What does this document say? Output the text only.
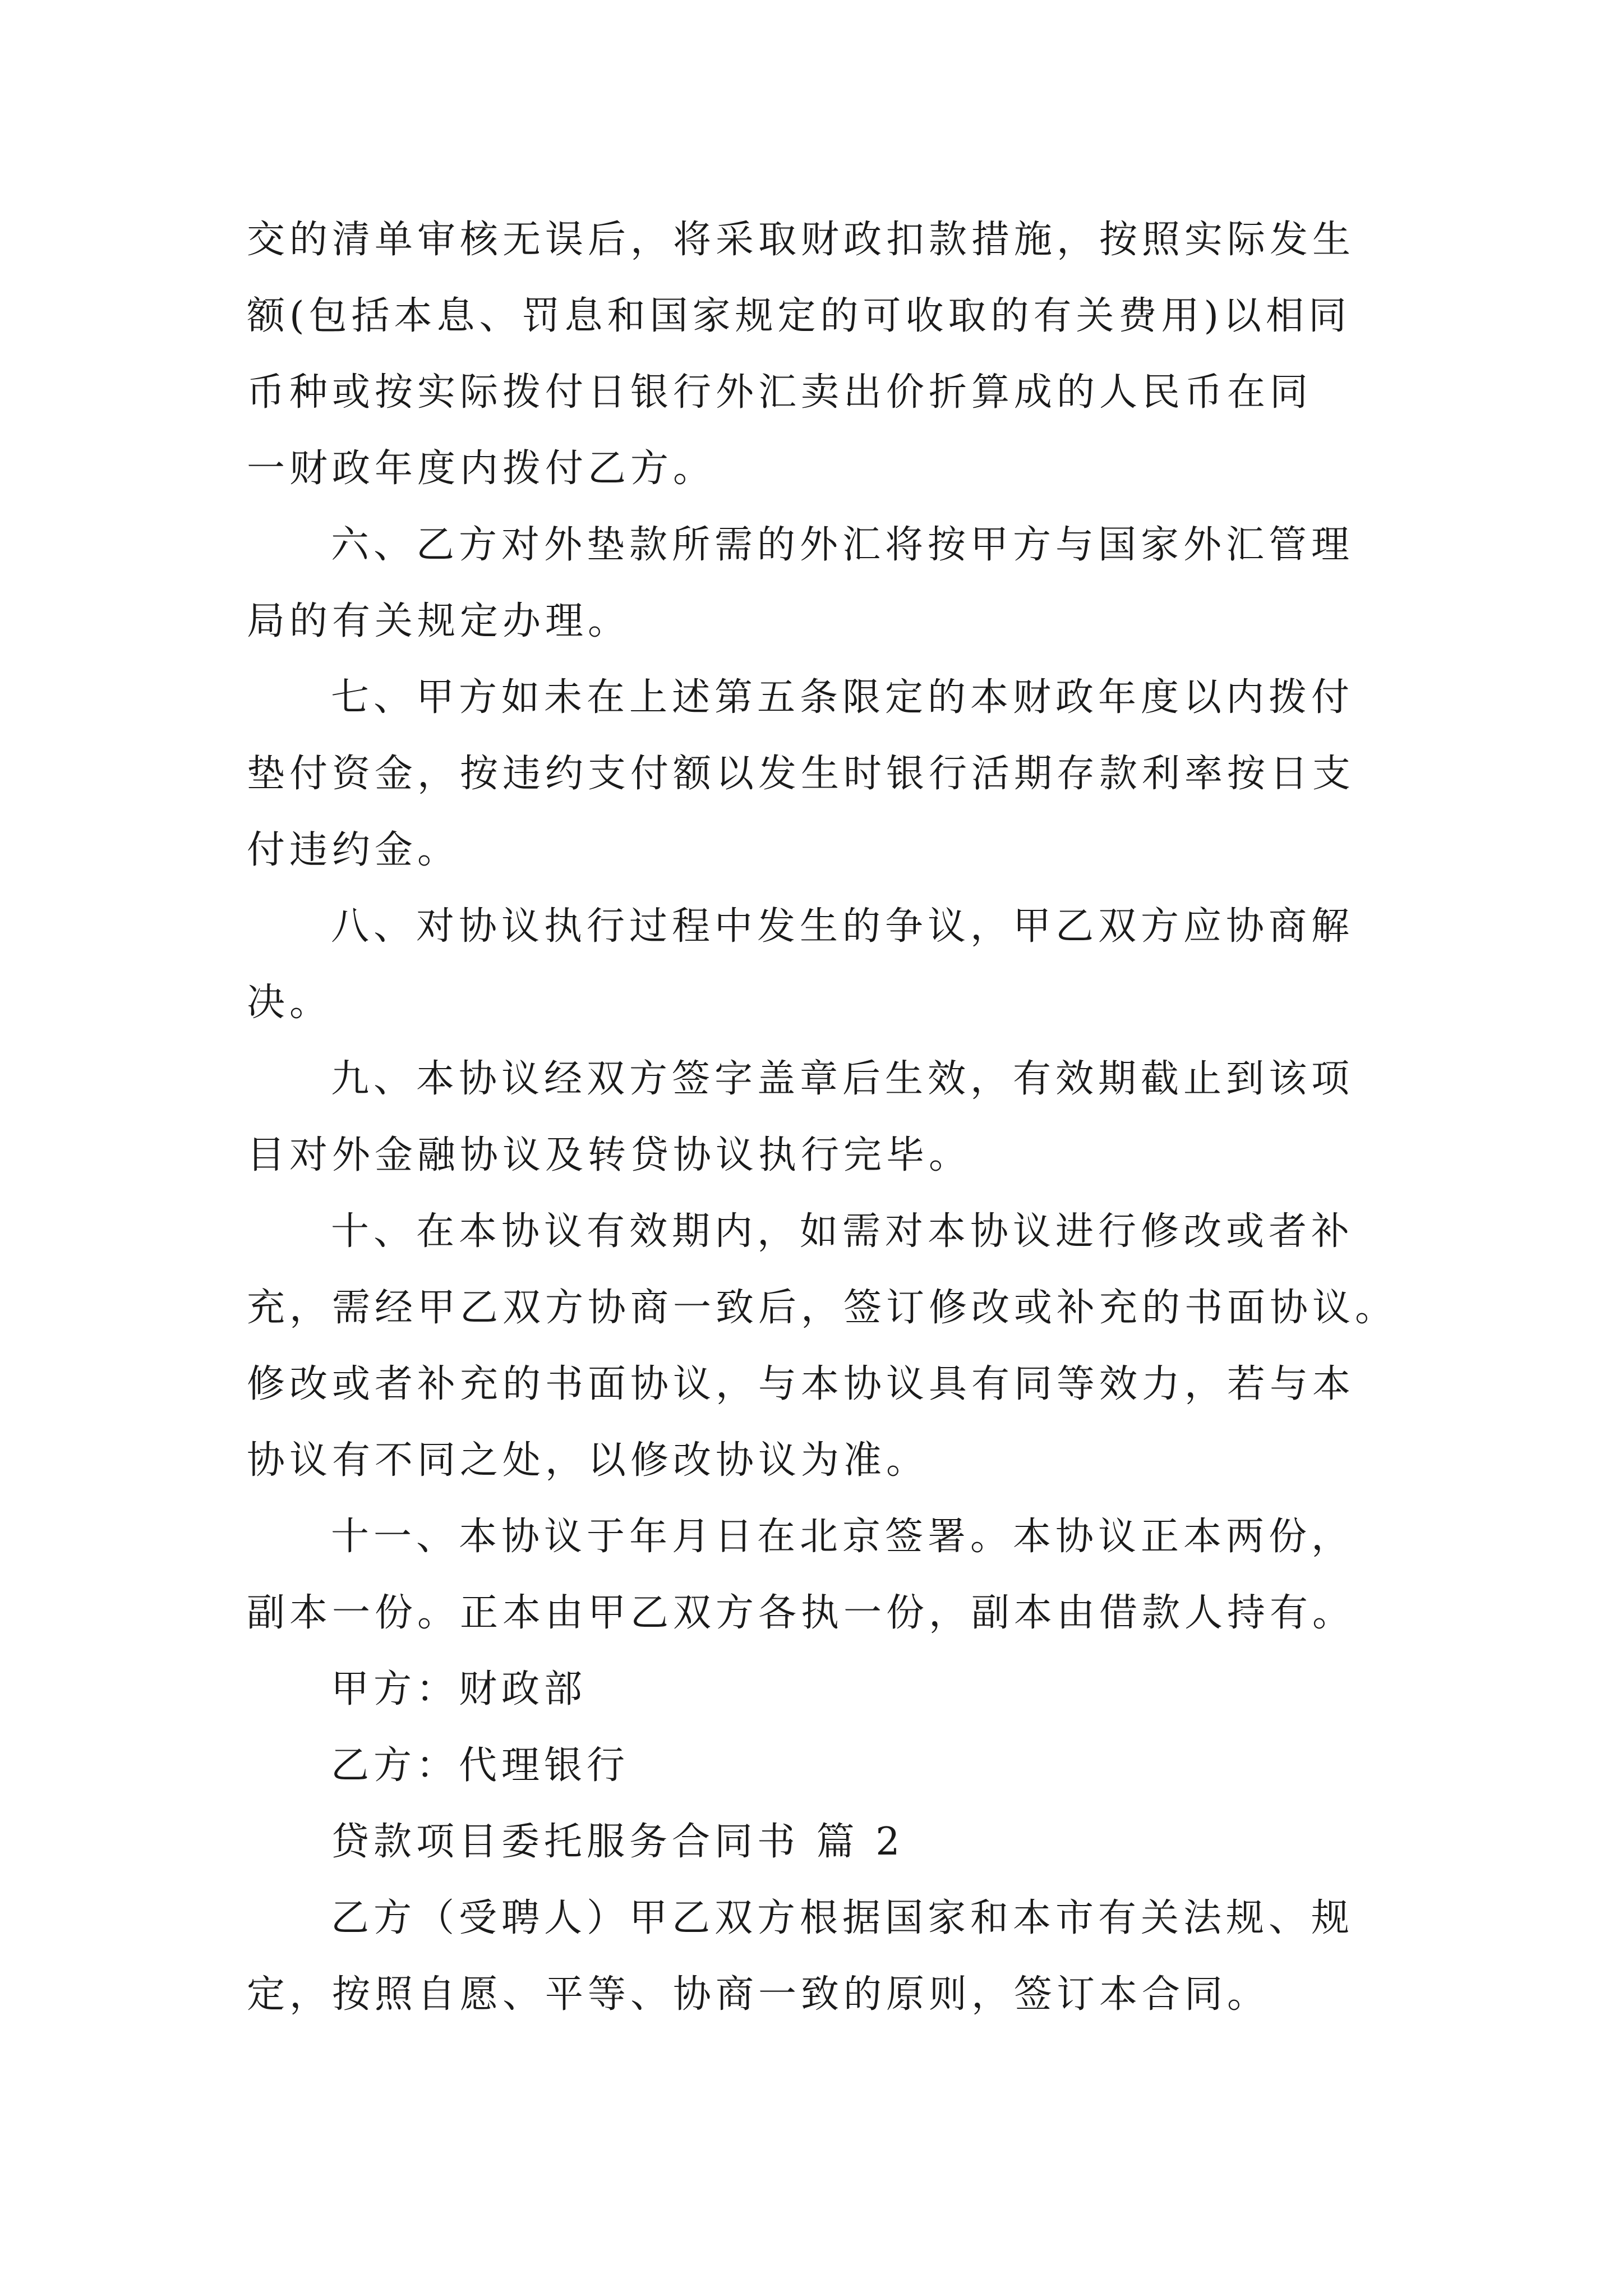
交的清单审核无误后，将采取财政扣款措施，按照实际发生
额(包括本息、罚息和国家规定的可收取的有关费用)以相同
币种或按实际拨付日银行外汇卖出价折算成的人民币在同
一财政年度内拨付乙方。
六、乙方对外垫款所需的外汇将按甲方与国家外汇管理
局的有关规定办理。
七、甲方如未在上述第五条限定的本财政年度以内拨付
垫付资金，按违约支付额以发生时银行活期存款利率按日支
付违约金。
八、对协议执行过程中发生的争议，甲乙双方应协商解
决。
九、本协议经双方签字盖章后生效，有效期截止到该项
目对外金融协议及转贷协议执行完毕。
十、在本协议有效期内，如需对本协议进行修改或者补
充，需经甲乙双方协商一致后，签订修改或补充的书面协议。
修改或者补充的书面协议，与本协议具有同等效力，若与本
协议有不同之处，以修改协议为准。
十一、本协议于年月日在北京签署。本协议正本两份，
副本一份。正本由甲乙双方各执一份，副本由借款人持有。
甲方：财政部
乙方：代理银行
贷款项目委托服务合同书 篇 2
乙方（受聘人）甲乙双方根据国家和本市有关法规、规
定，按照自愿、平等、协商一致的原则，签订本合同。
